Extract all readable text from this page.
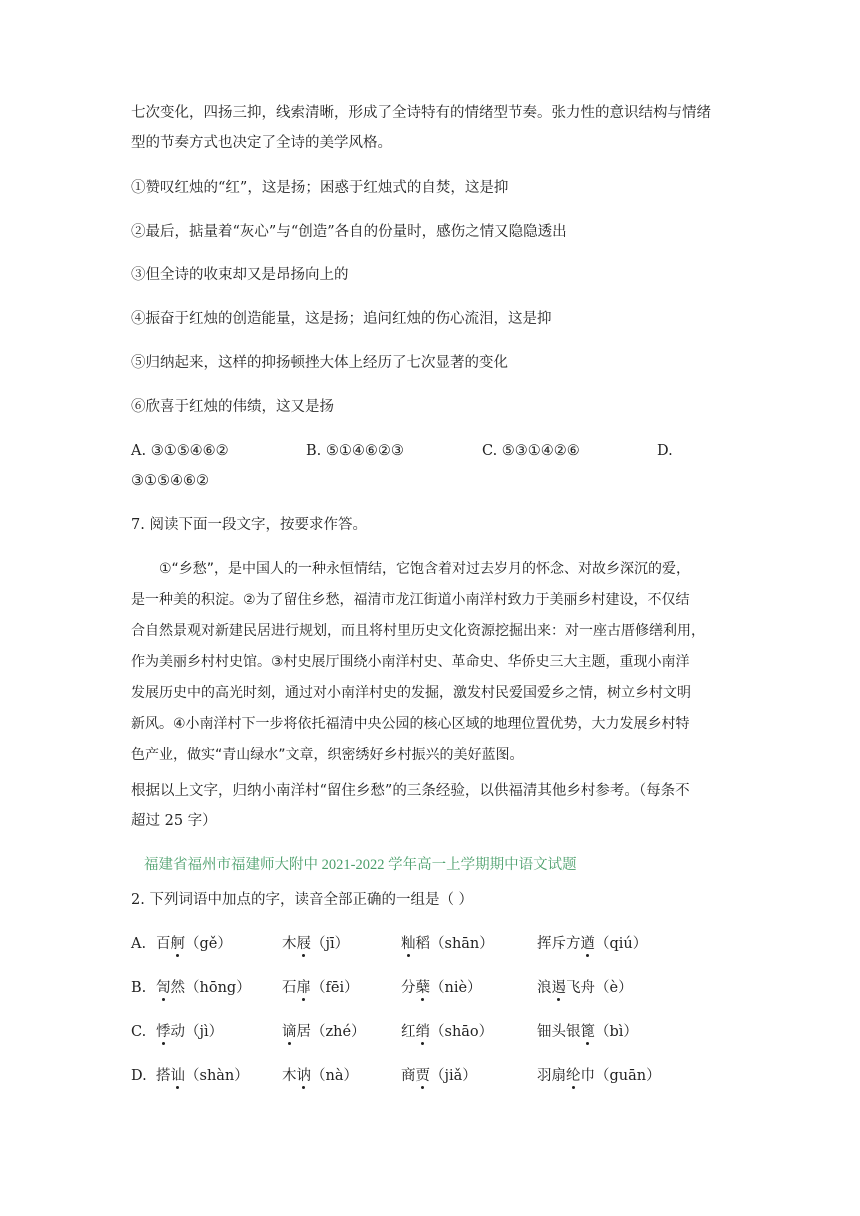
七次变化，四扬三抑，线索清晰，形成了全诗特有的情绪型节奏。张力性的意识结构与情绪
型的节奏方式也决定了全诗的美学风格。
①赞叹红烛的“红”，这是扬；困惑于红烛式的自焚，这是抑
②最后，掂量着“灰心”与“创造”各自的份量时，感伤之情又隐隐透出
③但全诗的收束却又是昂扬向上的
④振奋于红烛的创造能量，这是扬；追问红烛的伤心流泪，这是抑
⑤归纳起来，这样的抑扬顿挫大体上经历了七次显著的变化
⑥欣喜于红烛的伟绩，这又是扬
A. ③①⑤④⑥②	B. ⑤①④⑥②③	C. ⑤③①④②⑥	D.
③①⑤④⑥②
7. 阅读下面一段文字，按要求作答。
①“乡愁”，是中国人的一种永恒情结，它饱含着对过去岁月的怀念、对故乡深沉的爱，
是一种美的积淀。②为了留住乡愁，福清市龙江街道小南洋村致力于美丽乡村建设，不仅结
合自然景观对新建民居进行规划，而且将村里历史文化资源挖掘出来：对一座古厝修缮利用，
作为美丽乡村村史馆。③村史展厅围绕小南洋村史、革命史、华侨史三大主题，重现小南洋
发展历史中的高光时刻，通过对小南洋村史的发掘，激发村民爱国爱乡之情，树立乡村文明
新风。④小南洋村下一步将依托福清中央公园的核心区域的地理位置优势，大力发展乡村特
色产业，做实“青山绿水”文章，织密绣好乡村振兴的美好蓝图。
根据以上文字，归纳小南洋村“留住乡愁”的三条经验，以供福清其他乡村参考。（每条不
超过 25 字）
福建省福州市福建师大附中 2021-2022 学年高一上学期期中语文试题
2. 下列词语中加点的字，读音全部正确的一组是（ ）
A. 百舸（gě）	木屐（jī）	籼稻（shān）	挥斥方遒（qiú）
B. 訇然（hōng） 石扉（fēi）	分蘖（niè）	浪遏飞舟（è）
C. 悸动（jì）	谪居（zhé） 红绡（shāo）	钿头银篦（bì）
D. 搭讪（shàn） 木讷（nà）	商贾（jiǎ）	羽扇纶巾（guān）
